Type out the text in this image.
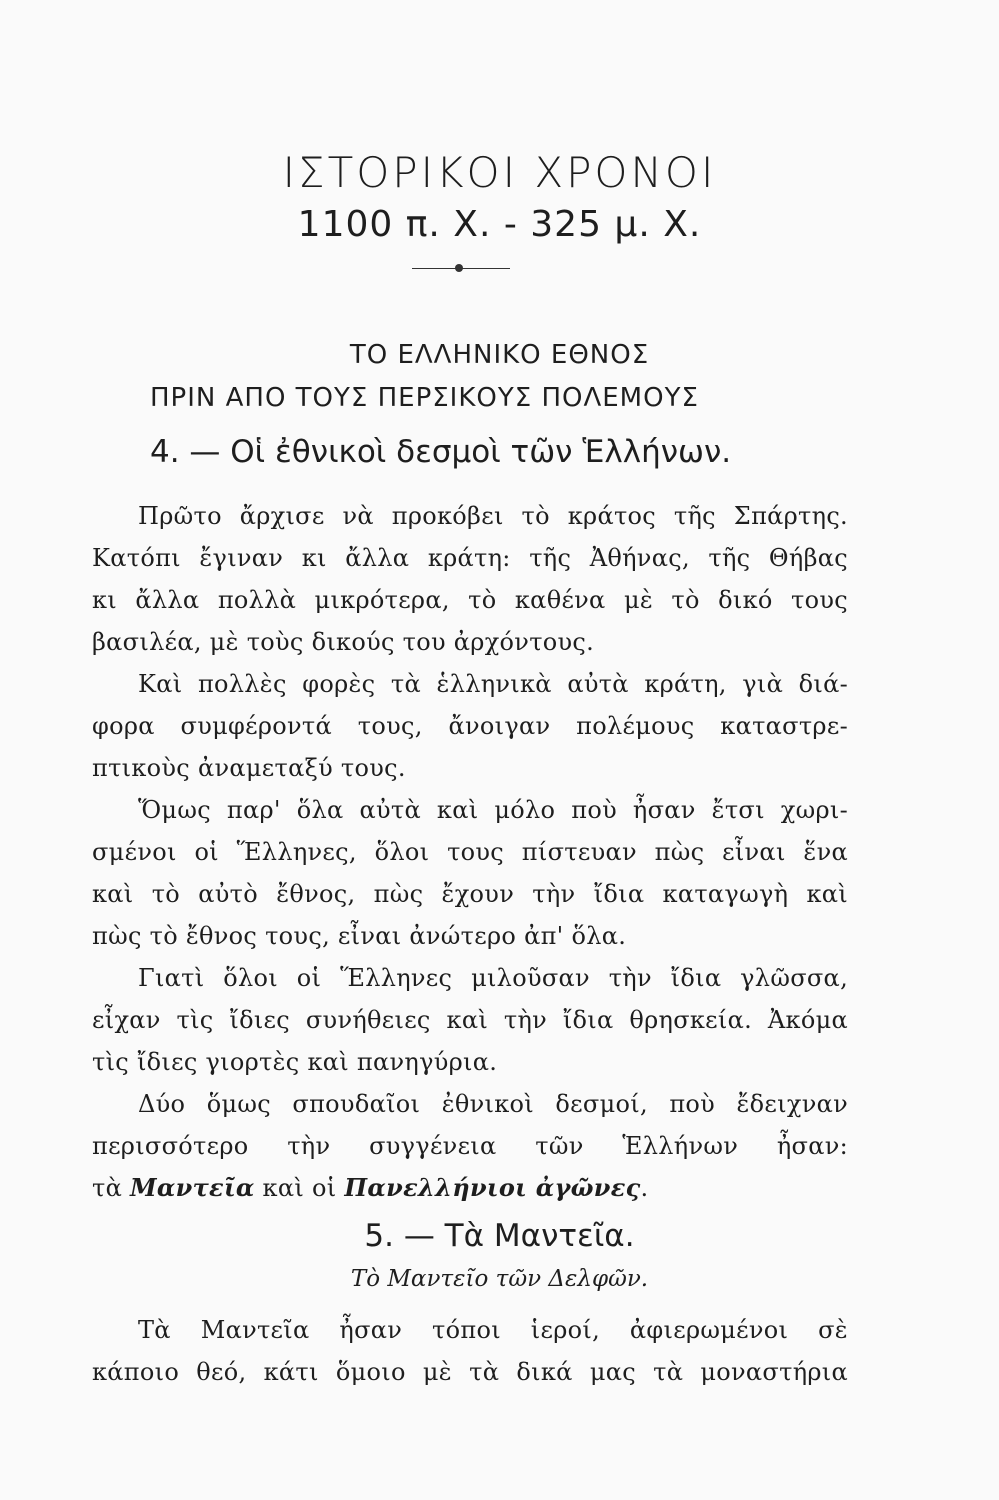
ΙΣΤΟΡΙΚΟΙ ΧΡΟΝΟΙ
1100 π. Χ. - 325 μ. Χ.
ΤΟ ΕΛΛΗΝΙΚΟ ΕΘΝΟΣ
ΠΡΙΝ ΑΠΟ ΤΟΥΣ ΠΕΡΣΙΚΟΥΣ ΠΟΛΕΜΟΥΣ
4. — Οἱ ἐθνικοὶ δεσμοὶ τῶν Ἑλλήνων.
Πρῶτο ἄρχισε νὰ προκόβει τὸ κράτος τῆς Σπάρτης.
Κατόπι ἔγιναν κι ἄλλα κράτη: τῆς Ἀθήνας, τῆς Θήβας
κι ἄλλα πολλὰ μικρότερα, τὸ καθένα μὲ τὸ δικό τους
βασιλέα, μὲ τοὺς δικούς του ἀρχόντους.
Καὶ πολλὲς φορὲς τὰ ἑλληνικὰ αὐτὰ κράτη, γιὰ διά-
φορα συμφέροντά τους, ἄνοιγαν πολέμους καταστρε-
πτικοὺς ἀναμεταξύ τους.
Ὅμως παρ' ὅλα αὐτὰ καὶ μόλο ποὺ ἦσαν ἔτσι χωρι-
σμένοι οἱ Ἕλληνες, ὅλοι τους πίστευαν πὼς εἶναι ἕνα
καὶ τὸ αὐτὸ ἔθνος, πὼς ἔχουν τὴν ἴδια καταγωγὴ καὶ
πὼς τὸ ἔθνος τους, εἶναι ἀνώτερο ἀπ' ὅλα.
Γιατὶ ὅλοι οἱ Ἕλληνες μιλοῦσαν τὴν ἴδια γλῶσσα,
εἶχαν τὶς ἴδιες συνήθειες καὶ τὴν ἴδια θρησκεία. Ἀκόμα
τὶς ἴδιες γιορτὲς καὶ πανηγύρια.
Δύο ὅμως σπουδαῖοι ἐθνικοὶ δεσμοί, ποὺ ἔδειχναν
περισσότερο τὴν συγγένεια τῶν Ἑλλήνων ἦσαν:
τὰ Μαντεῖα καὶ οἱ Πανελλήνιοι ἀγῶνες.
5. — Τὰ Μαντεῖα.
Τὸ Μαντεῖο τῶν Δελφῶν.
Τὰ Μαντεῖα ἦσαν τόποι ἱεροί, ἀφιερωμένοι σὲ
κάποιο θεό, κάτι ὅμοιο μὲ τὰ δικά μας τὰ μοναστήρια
